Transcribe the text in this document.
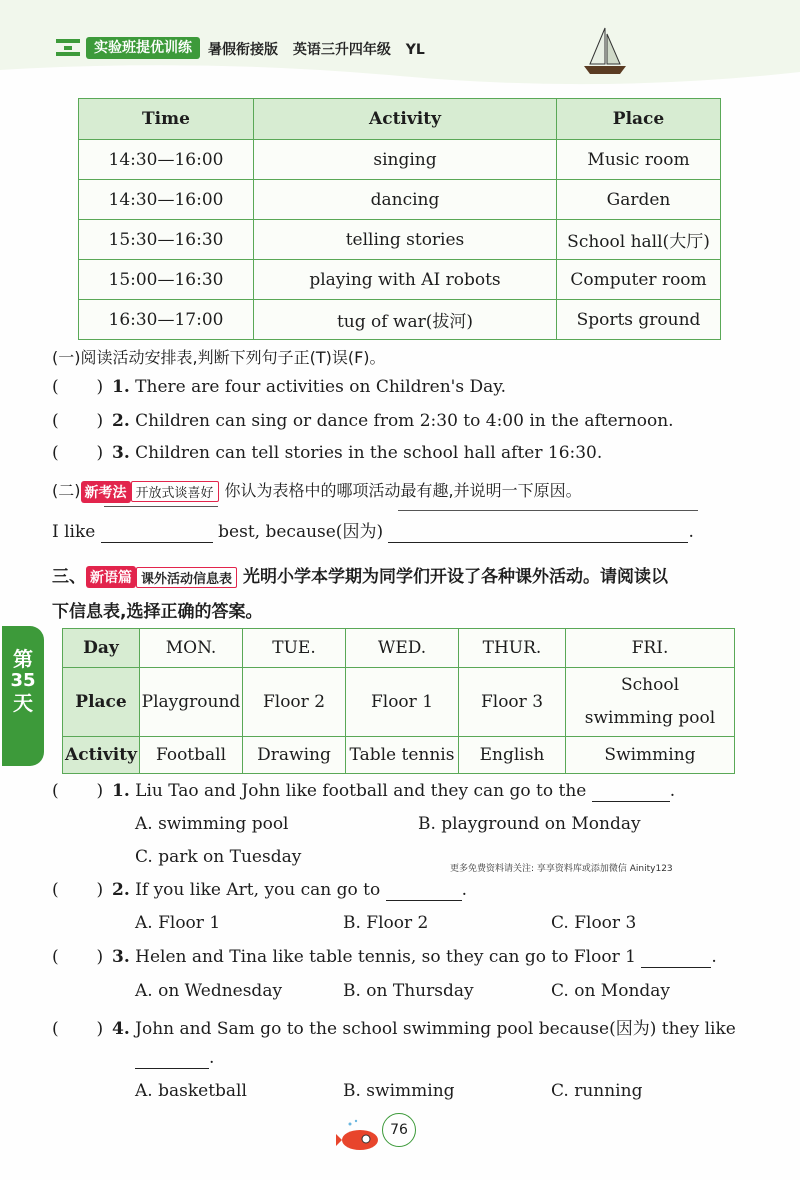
实验班提优训练	暑假衔接版 英语三升四年级 YL
Time	Activity	Place
14:30—16:00	singing	Music room
14:30—16:00	dancing	Garden
15:30—16:30	telling stories	School hall(大厅)
15:00—16:30	playing with AI robots	Computer room
16:30—17:00	tug of war(拔河)	Sports ground
(一)阅读活动安排表,判断下列句子正(T)误(F)。
(       ) 1. There are four activities on Children's Day.
(       ) 2. Children can sing or dance from 2:30 to 4:00 in the afternoon.
(       ) 3. Children can tell stories in the school hall after 16:30.
(二) 新考法 开放式谈喜好 你认为表格中的哪项活动最有趣,并说明一下原因。
I like	best, because(因为)	.
三、 新语篇 课外活动信息表 光明小学本学期为同学们开设了各种课外活动。请阅读以
下信息表,选择正确的答案。
第
35
天
Day	MON.	TUE.	WED.	THUR.	FRI.
Place	Playground	Floor 2	Floor 1	Floor 3	School
swimming pool

Activity	Football	Drawing	Table tennis	English	Swimming
(       ) 1. Liu Tao and John like football and they can go to the	.
A. swimming pool	B. playground on Monday
C. park on Tuesday
更多免费资料请关注: 享享资料库或添加微信 Ainity123
(       ) 2. If you like Art, you can go to	.
A. Floor 1	B. Floor 2	C. Floor 3
(       ) 3. Helen and Tina like table tennis, so they can go to Floor 1	.
A. on Wednesday	B. on Thursday	C. on Monday
(       ) 4. John and Sam go to the school swimming pool because(因为) they like
.
A. basketball	B. swimming	C. running
76
